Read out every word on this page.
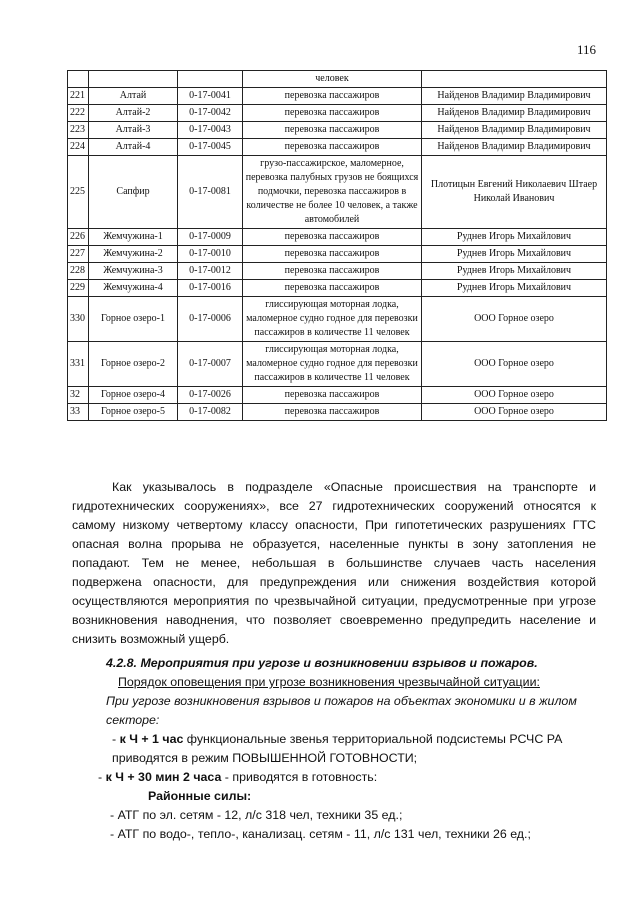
116
			человек	
221	Алтай	0-17-0041	перевозка пассажиров	Найденов Владимир Владимирович
222	Алтай-2	0-17-0042	перевозка пассажиров	Найденов Владимир Владимирович
223	Алтай-3	0-17-0043	перевозка пассажиров	Найденов Владимир Владимирович
224	Алтай-4	0-17-0045	перевозка пассажиров	Найденов Владимир Владимирович
225	Сапфир	0-17-0081	грузо-пассажирское, маломерное, перевозка палубных грузов не боящихся подмочки, перевозка пассажиров в количестве не более 10 человек, а также автомобилей	Плотицын Евгений Николаевич Штаер Николай Иванович
226	Жемчужина-1	0-17-0009	перевозка пассажиров	Руднев Игорь Михайлович
227	Жемчужина-2	0-17-0010	перевозка пассажиров	Руднев Игорь Михайлович
228	Жемчужина-3	0-17-0012	перевозка пассажиров	Руднев Игорь Михайлович
229	Жемчужина-4	0-17-0016	перевозка пассажиров	Руднев Игорь Михайлович
330	Горное озеро-1	0-17-0006	глиссирующая моторная лодка, маломерное судно годное для перевозки пассажиров в количестве 11 человек	ООО Горное озеро
331	Горное озеро-2	0-17-0007	глиссирующая моторная лодка, маломерное судно годное для перевозки пассажиров в количестве 11 человек	ООО Горное озеро
32	Горное озеро-4	0-17-0026	перевозка пассажиров	ООО Горное озеро
33	Горное озеро-5	0-17-0082	перевозка пассажиров	ООО Горное озеро

Как указывалось в подразделе «Опасные происшествия на транспорте и гидротехнических сооружениях», все 27 гидротехнических сооружений относятся к самому низкому четвертому классу опасности, При гипотетических разрушениях ГТС опасная волна прорыва не образуется, населенные пункты в зону затопления не попадают. Тем не менее, небольшая в большинстве случаев часть населения подвержена опасности, для предупреждения или снижения воздействия которой осуществляются мероприятия по чрезвычайной ситуации, предусмотренные при угрозе возникновения наводнения, что позволяет своевременно предупредить население и снизить возможный ущерб.

4.2.8. Мероприятия при угрозе и возникновении взрывов и пожаров.

Порядок оповещения при угрозе возникновения чрезвычайной ситуации:

При угрозе возникновения взрывов и пожаров на объектах экономики и в жилом секторе:

- к Ч + 1 час функциональные звенья территориальной подсистемы РСЧС РА приводятся в режим ПОВЫШЕННОЙ ГОТОВНОСТИ;

- к Ч + 30 мин 2 часа - приводятся в готовность:

Районные силы:

- АТГ по эл. сетям - 12, л/с 318 чел, техники 35 ед.;

- АТГ по водо-, тепло-, канализац. сетям - 11, л/с 131 чел, техники 26 ед.;
